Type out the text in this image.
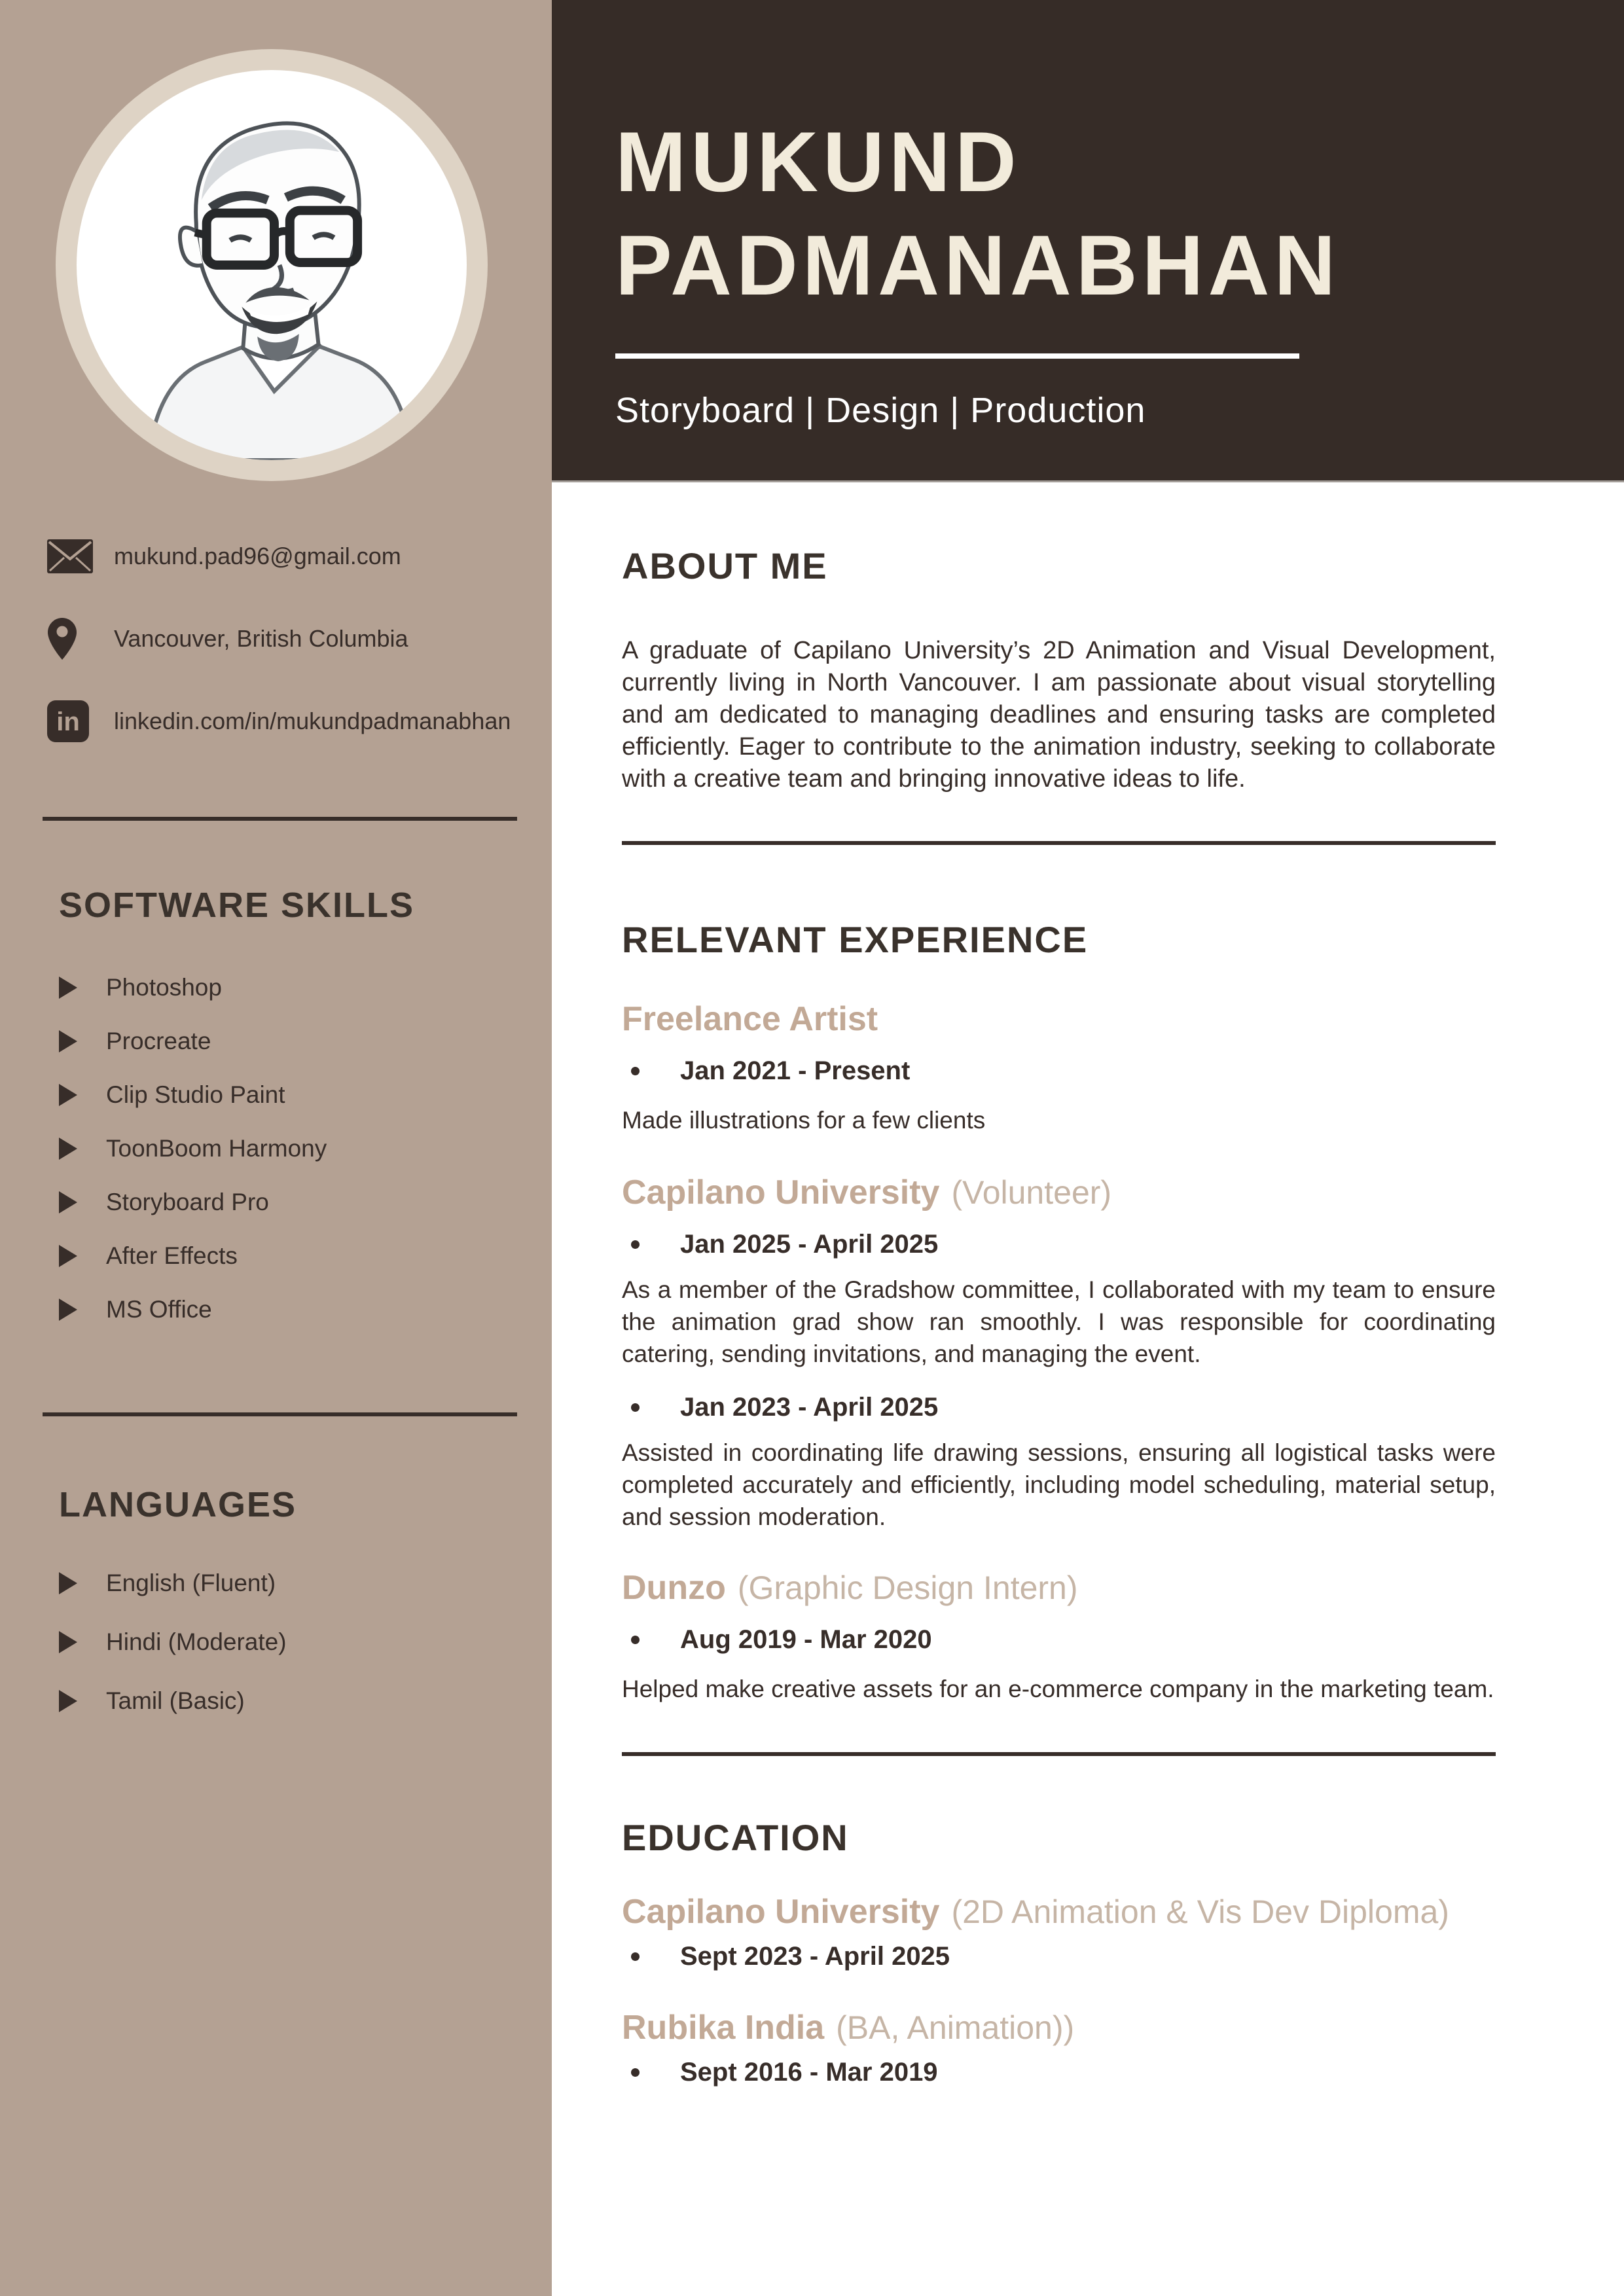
mukund.pad96@gmail.com
Vancouver, British Columbia
in linkedin.com/in/mukundpadmanabhan
SOFTWARE SKILLS
Photoshop
Procreate
Clip Studio Paint
ToonBoom Harmony
Storyboard Pro
After Effects
MS Office
LANGUAGES
English (Fluent)
Hindi (Moderate)
Tamil (Basic)
MUKUND
PADMANABHAN
Storyboard | Design | Production
ABOUT ME
A graduate of Capilano University’s 2D Animation and Visual Development, currently living in North Vancouver. I am passionate about visual storytelling and am dedicated to managing deadlines and ensuring tasks are completed efficiently. Eager to contribute to the animation industry, seeking to collaborate with a creative team and bringing innovative ideas to life.
RELEVANT EXPERIENCE
Freelance Artist
Jan 2021 - Present

Made illustrations for a few clients

Capilano University (Volunteer)
Jan 2025 - April 2025

As a member of the Gradshow committee, I collaborated with my team to ensure the animation grad show ran smoothly. I was responsible for coordinating catering, sending invitations, and managing the event.

Jan 2023 - April 2025

Assisted in coordinating life drawing sessions, ensuring all logistical tasks were completed accurately and efficiently, including model scheduling, material setup, and session moderation.

Dunzo (Graphic Design Intern)
Aug 2019 - Mar 2020

Helped make creative assets for an e-commerce company in the marketing team.

EDUCATION
Capilano University (2D Animation & Vis Dev Diploma)
Sept 2023 - April 2025
Rubika India (BA, Animation))
Sept 2016 - Mar 2019
